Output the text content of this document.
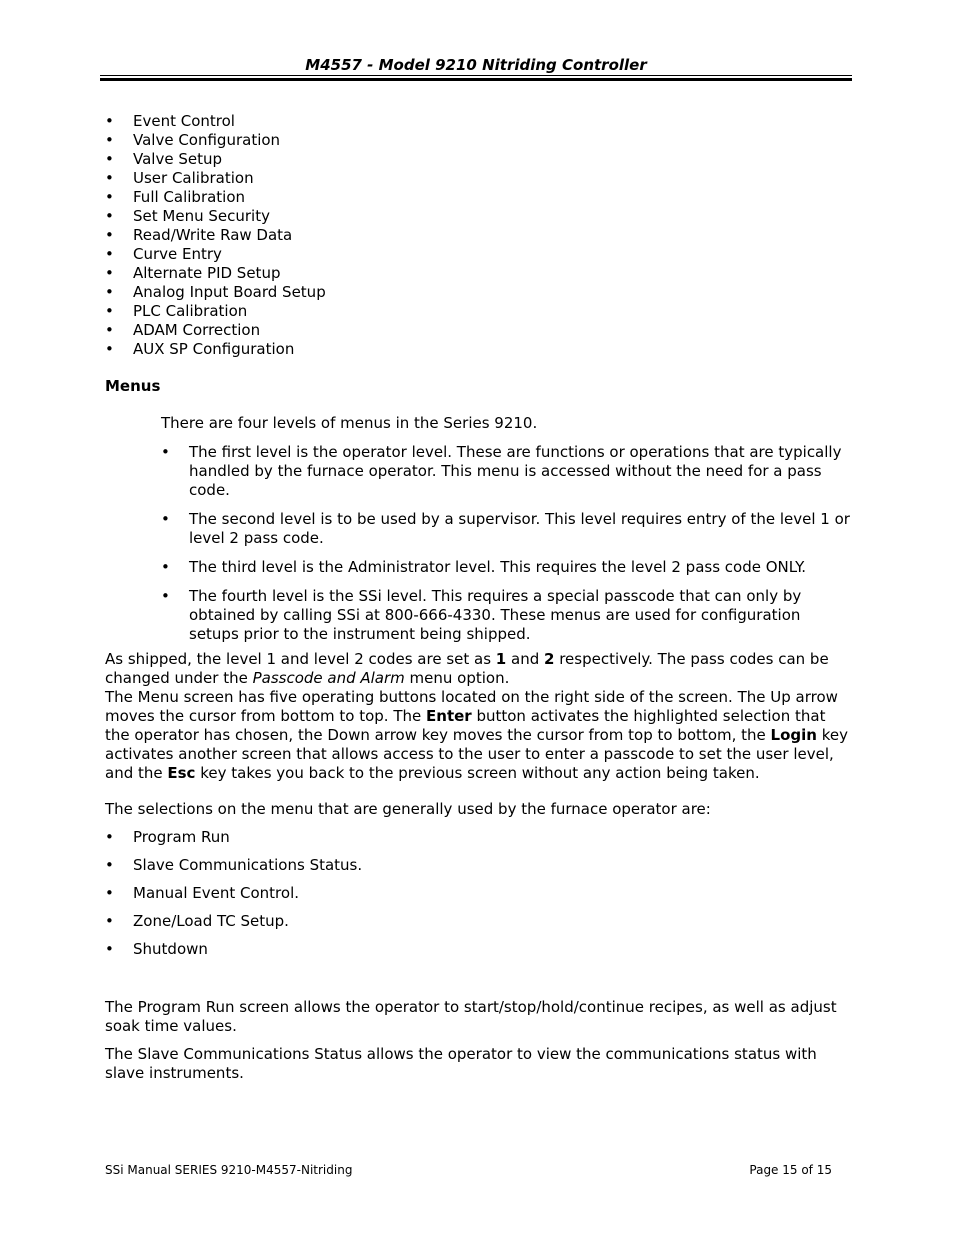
M4557 - Model 9210 Nitriding Controller
• Event Control
• Valve Configuration
• Valve Setup
• User Calibration
• Full Calibration
• Set Menu Security
• Read/Write Raw Data
• Curve Entry
• Alternate PID Setup
• Analog Input Board Setup
• PLC Calibration
• ADAM Correction
• AUX SP Configuration
Menus
There are four levels of menus in the Series 9210.
• The first level is the operator level. These are functions or operations that are typically handled by the furnace operator. This menu is accessed without the need for a pass code.
• The second level is to be used by a supervisor. This level requires entry of the level 1 or level 2 pass code.
• The third level is the Administrator level. This requires the level 2 pass code ONLY.
• The fourth level is the SSi level. This requires a special passcode that can only by obtained by calling SSi at 800-666-4330. These menus are used for configuration setups prior to the instrument being shipped.
As shipped, the level 1 and level 2 codes are set as 1 and 2 respectively. The pass codes can be changed under the Passcode and Alarm menu option.
The Menu screen has five operating buttons located on the right side of the screen. The Up arrow moves the cursor from bottom to top. The Enter button activates the highlighted selection that the operator has chosen, the Down arrow key moves the cursor from top to bottom, the Login key activates another screen that allows access to the user to enter a passcode to set the user level, and the Esc key takes you back to the previous screen without any action being taken.
The selections on the menu that are generally used by the furnace operator are:
• Program Run
• Slave Communications Status.
• Manual Event Control.
• Zone/Load TC Setup.
• Shutdown
The Program Run screen allows the operator to start/stop/hold/continue recipes, as well as adjust soak time values.
The Slave Communications Status allows the operator to view the communications status with slave instruments.
SSi Manual SERIES 9210-M4557-Nitriding	Page 15 of 15
